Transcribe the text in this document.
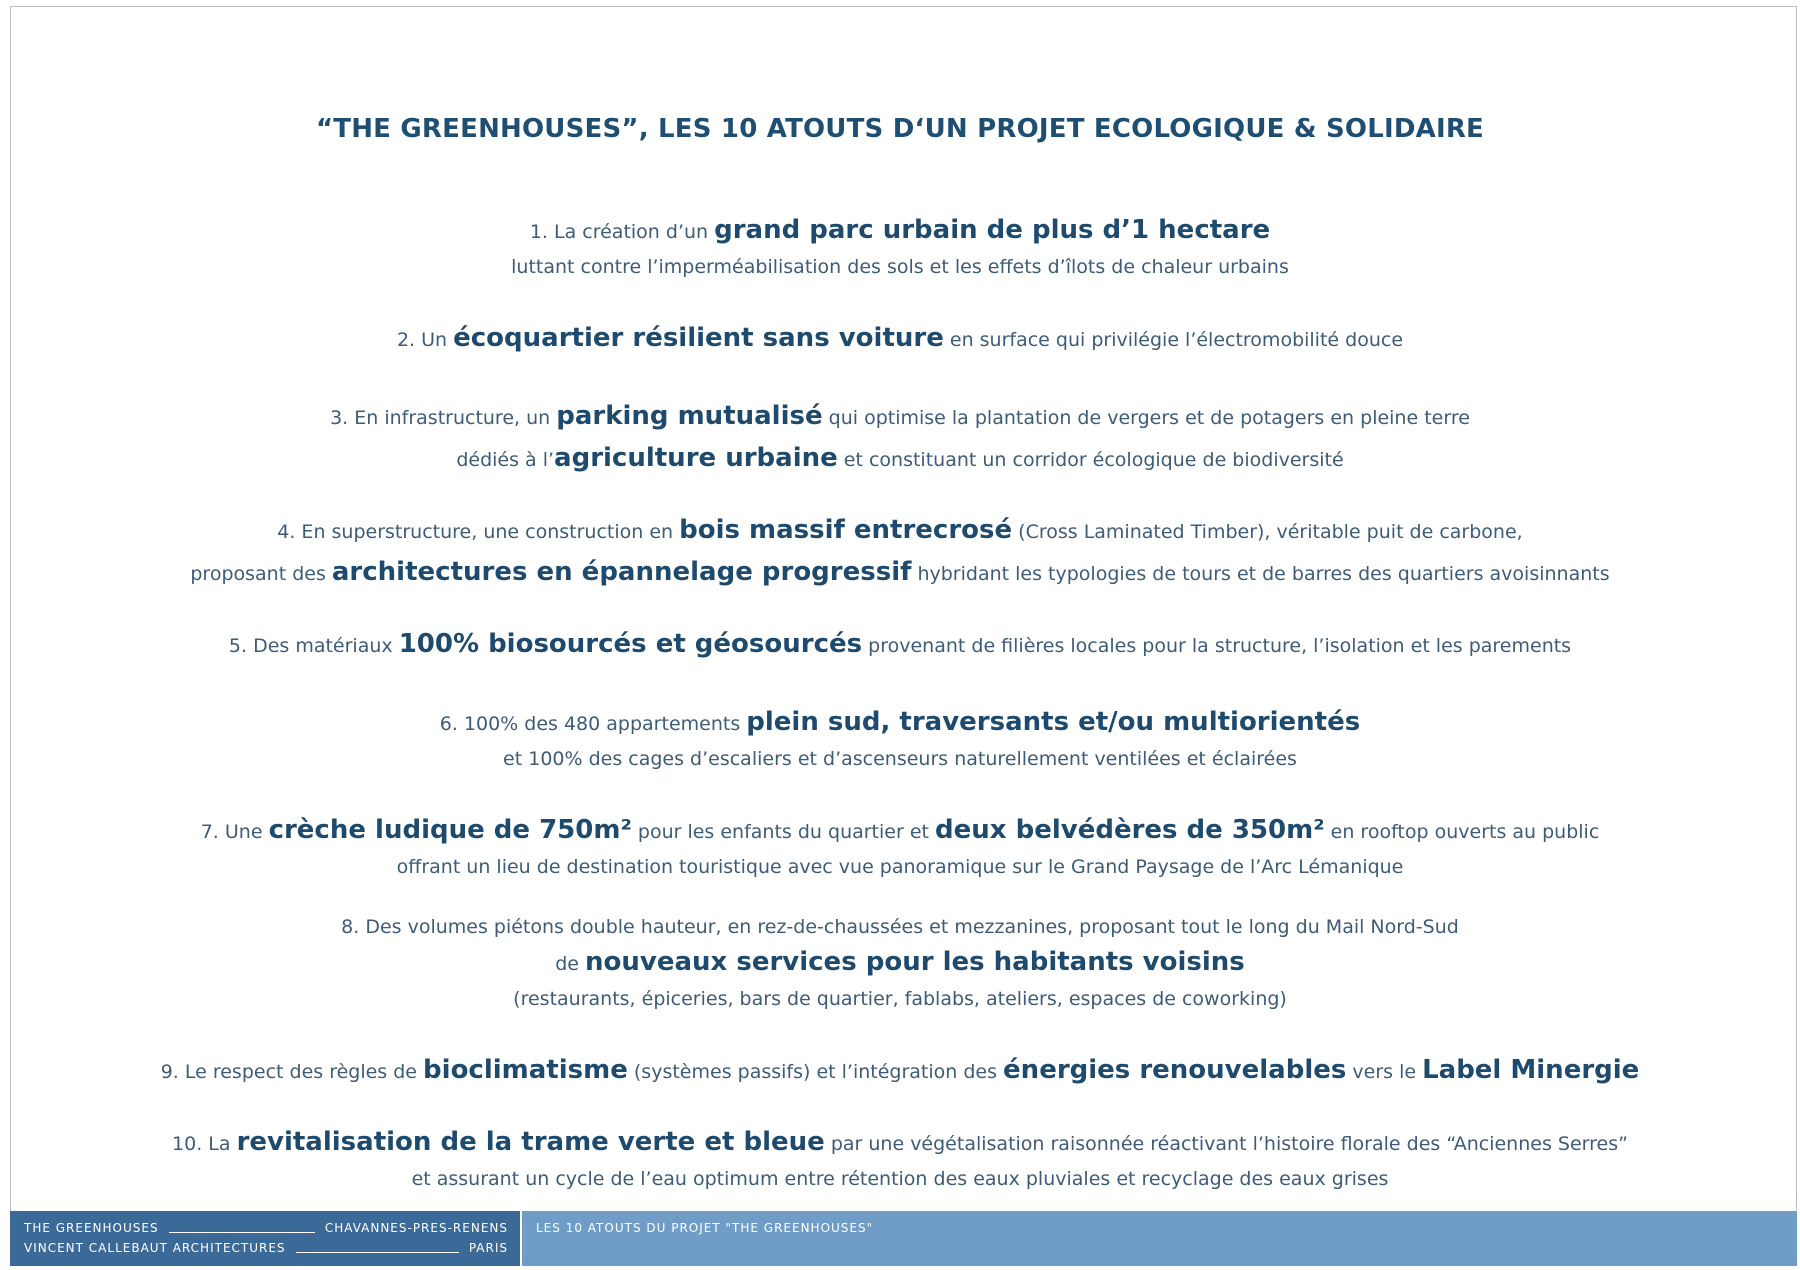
“THE GREENHOUSES”, LES 10 ATOUTS D‘UN PROJET ECOLOGIQUE & SOLIDAIRE
1. La création d’un grand parc urbain de plus d’1 hectare
luttant contre l’imperméabilisation des sols et les effets d’îlots de chaleur urbains
2. Un écoquartier résilient sans voiture en surface qui privilégie l’électromobilité douce
3. En infrastructure, un parking mutualisé qui optimise la plantation de vergers et de potagers en pleine terre
dédiés à l’agriculture urbaine et constituant un corridor écologique de biodiversité
4. En superstructure, une construction en bois massif entrecrosé (Cross Laminated Timber), véritable puit de carbone,
proposant des architectures en épannelage progressif hybridant les typologies de tours et de barres des quartiers avoisinnants
5. Des matériaux 100% biosourcés et géosourcés provenant de filières locales pour la structure, l’isolation et les parements
6. 100% des 480 appartements plein sud, traversants et/ou multiorientés
et 100% des cages d’escaliers et d’ascenseurs naturellement ventilées et éclairées
7. Une crèche ludique de 750m² pour les enfants du quartier et deux belvédères de 350m² en rooftop ouverts au public
offrant un lieu de destination touristique avec vue panoramique sur le Grand Paysage de l’Arc Lémanique
8. Des volumes piétons double hauteur, en rez-de-chaussées et mezzanines, proposant tout le long du Mail Nord-Sud
de nouveaux services pour les habitants voisins
(restaurants, épiceries, bars de quartier, fablabs, ateliers, espaces de coworking)
9. Le respect des règles de bioclimatisme (systèmes passifs) et l’intégration des énergies renouvelables vers le Label Minergie
10. La revitalisation de la trame verte et bleue par une végétalisation raisonnée réactivant l’histoire florale des “Anciennes Serres”
et assurant un cycle de l’eau optimum entre rétention des eaux pluviales et recyclage des eaux grises
THE GREENHOUSES	CHAVANNES-PRES-RENENS
VINCENT CALLEBAUT ARCHITECTURES	PARIS
LES 10 ATOUTS DU PROJET "THE GREENHOUSES"
